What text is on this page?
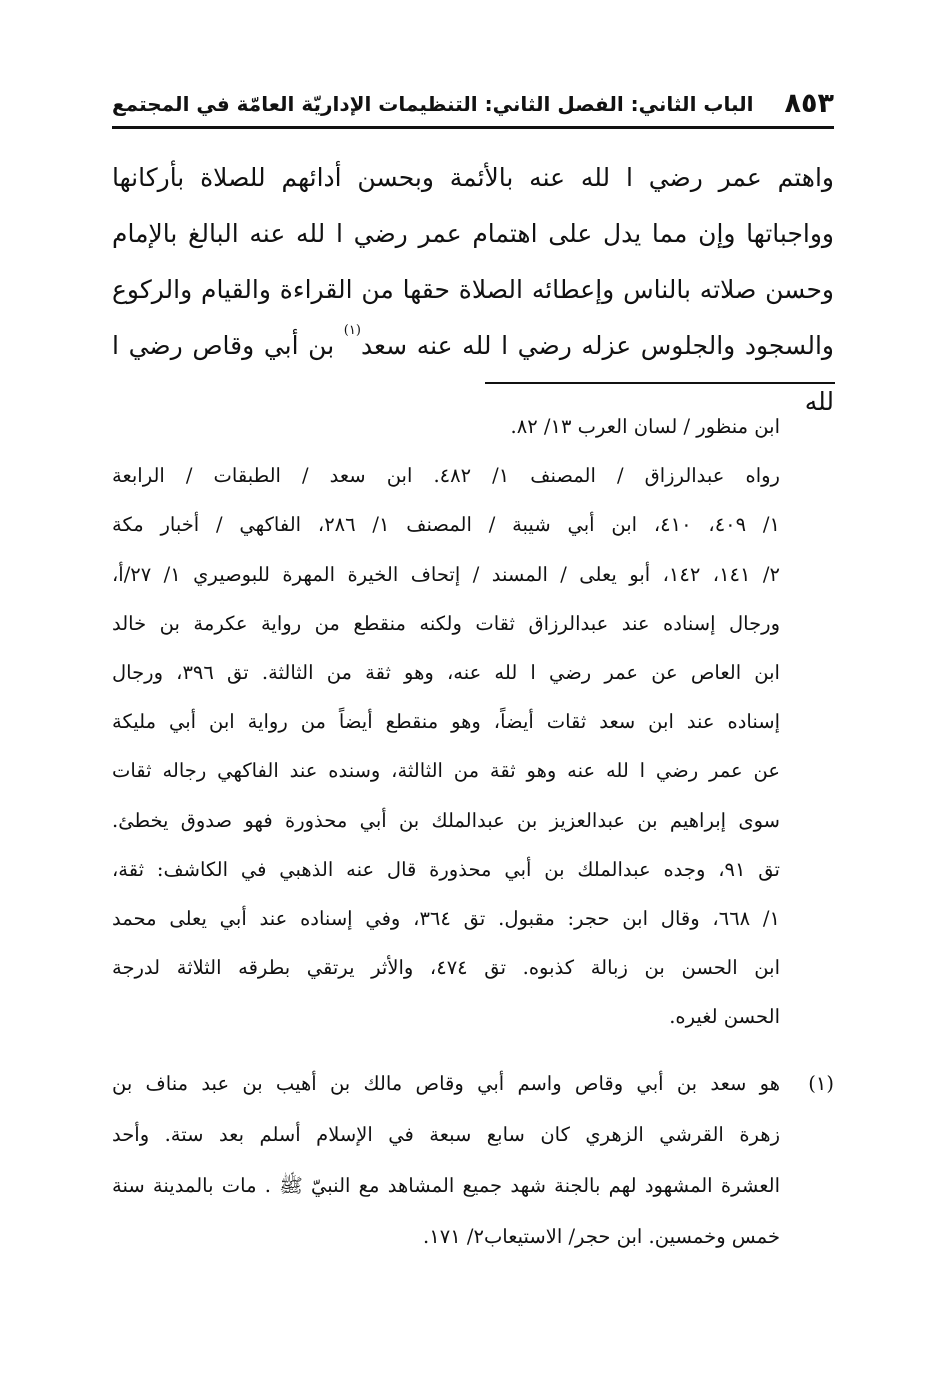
٨٥٣
الباب الثاني: الفصل الثاني: التنظيمات الإداريّة العامّة في المجتمع

واهتم عمر رضي ا لله عنه بالأئمة وبحسن أدائهم للصلاة بأركانها

وواجباتها وإن مما يدل على اهتمام عمر رضي ا لله عنه البالغ بالإمام

وحسن صلاته بالناس وإعطائه الصلاة حقها من القراءة والقيام والركوع

والسجود والجلوس عزله رضي ا لله عنه سعد$^{(١)}$ بن أبي وقاص رضي ا لله

ابن منظور / لسان العرب ١٣/ ٨٢.
رواه عبدالرزاق / المصنف ١/ ٤٨٢. ابن سعد / الطبقات / الرابعة
١/ ٤٠٩، ٤١٠، ابن أبي شيبة / المصنف ١/ ٢٨٦، الفاكهي / أخبار مكة
٢/ ١٤١، ١٤٢، أبو يعلى / المسند / إتحاف الخيرة المهرة للبوصيري ١/ ٢٧/أ،
ورجال إسناده عند عبدالرزاق ثقات ولكنه منقطع من رواية عكرمة بن خالد
ابن العاص عن عمر رضي ا لله عنه، وهو ثقة من الثالثة. تق ٣٩٦، ورجال
إسناده عند ابن سعد ثقات أيضاً، وهو منقطع أيضاً من رواية ابن أبي مليكة
عن عمر رضي ا لله عنه وهو ثقة من الثالثة، وسنده عند الفاكهي رجاله ثقات
سوى إبراهيم بن عبدالعزيز بن عبدالملك بن أبي محذورة فهو صدوق يخطئ.
تق ٩١، وجده عبدالملك بن أبي محذورة قال عنه الذهبي في الكاشف: ثقة،
١/ ٦٦٨، وقال ابن حجر: مقبول. تق ٣٦٤، وفي إسناده عند أبي يعلى محمد
ابن الحسن بن زبالة كذبوه. تق ٤٧٤، والأثر يرتقي بطرقه الثلاثة لدرجة
الحسن لغيره.
(١)
هو سعد بن أبي وقاص واسم أبي وقاص مالك بن أهيب بن عبد مناف بن
زهرة القرشي الزهري كان سابع سبعة في الإسلام أسلم بعد ستة. وأحد
العشرة المشهود لهم بالجنة شهد جميع المشاهد مع النبيّ ﷺ . مات بالمدينة سنة
خمس وخمسين. ابن حجر/ الاستيعاب٢/ ١٧١.
